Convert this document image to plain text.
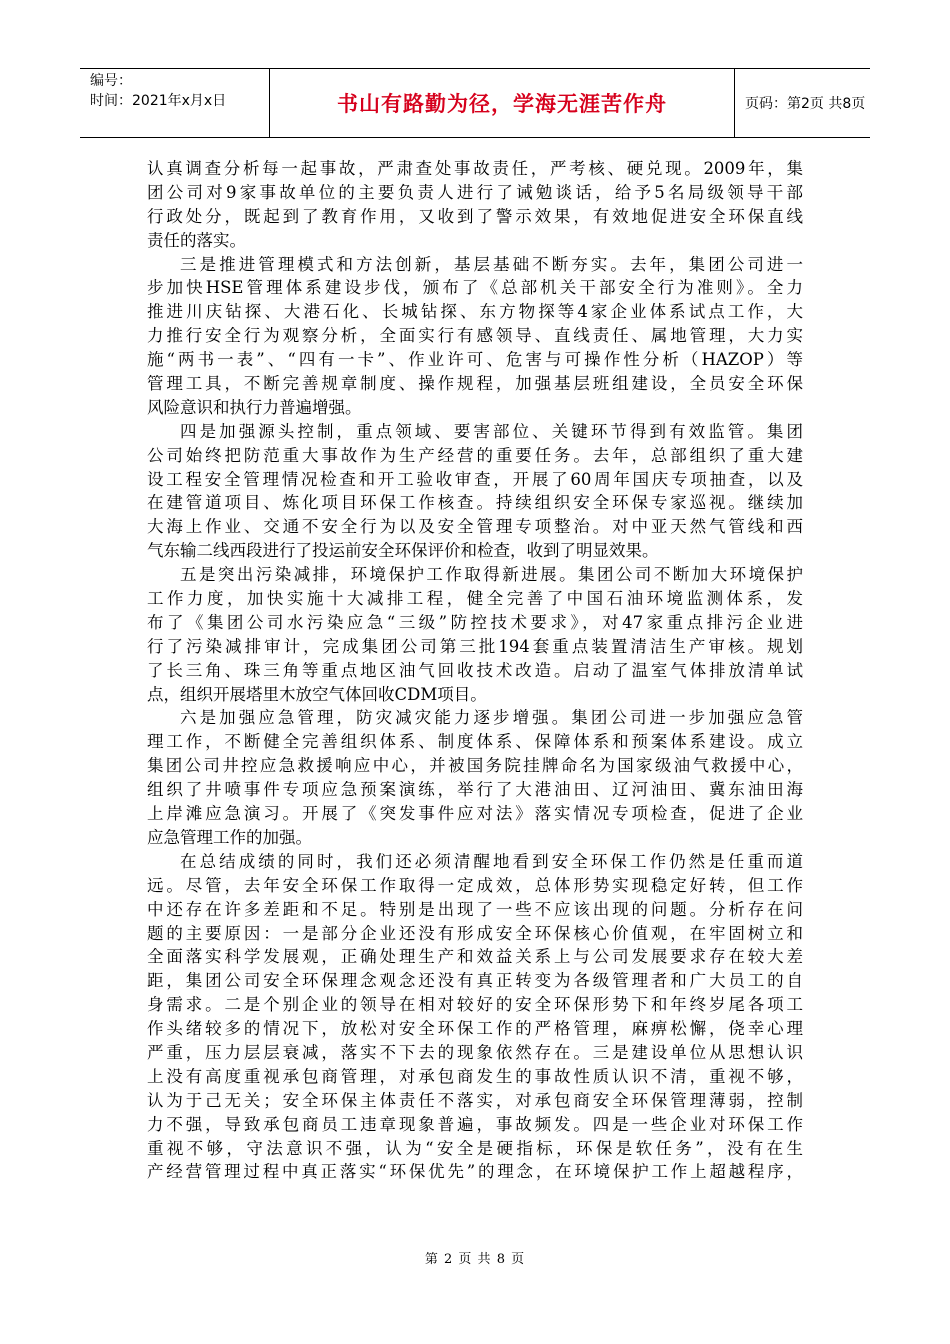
编号：
时间：2021年x月x日	书山有路勤为径，学海无涯苦作舟	页码：第2页 共8页
认真调查分析每一起事故，严肃查处事故责任，严考核、硬兑现。2009年，集
团公司对9家事故单位的主要负责人进行了诫勉谈话，给予5名局级领导干部
行政处分，既起到了教育作用，又收到了警示效果，有效地促进安全环保直线
责任的落实。
三是推进管理模式和方法创新，基层基础不断夯实。去年，集团公司进一
步加快HSE管理体系建设步伐，颁布了《总部机关干部安全行为准则》。全力
推进川庆钻探、大港石化、长城钻探、东方物探等4家企业体系试点工作，大
力推行安全行为观察分析，全面实行有感领导、直线责任、属地管理，大力实
施“两书一表”、“四有一卡”、作业许可、危害与可操作性分析（HAZOP）等
管理工具，不断完善规章制度、操作规程，加强基层班组建设，全员安全环保
风险意识和执行力普遍增强。
四是加强源头控制，重点领域、要害部位、关键环节得到有效监管。集团
公司始终把防范重大事故作为生产经营的重要任务。去年，总部组织了重大建
设工程安全管理情况检查和开工验收审查，开展了60周年国庆专项抽查，以及
在建管道项目、炼化项目环保工作核查。持续组织安全环保专家巡视。继续加
大海上作业、交通不安全行为以及安全管理专项整治。对中亚天然气管线和西
气东输二线西段进行了投运前安全环保评价和检查，收到了明显效果。
五是突出污染减排，环境保护工作取得新进展。集团公司不断加大环境保护
工作力度，加快实施十大减排工程，健全完善了中国石油环境监测体系，发
布了《集团公司水污染应急“三级”防控技术要求》，对47家重点排污企业进
行了污染减排审计，完成集团公司第三批194套重点装置清洁生产审核。规划
了长三角、珠三角等重点地区油气回收技术改造。启动了温室气体排放清单试
点，组织开展塔里木放空气体回收CDM项目。
六是加强应急管理，防灾减灾能力逐步增强。集团公司进一步加强应急管
理工作，不断健全完善组织体系、制度体系、保障体系和预案体系建设。成立
集团公司井控应急救援响应中心，并被国务院挂牌命名为国家级油气救援中心，
组织了井喷事件专项应急预案演练，举行了大港油田、辽河油田、冀东油田海
上岸滩应急演习。开展了《突发事件应对法》落实情况专项检查，促进了企业
应急管理工作的加强。
在总结成绩的同时，我们还必须清醒地看到安全环保工作仍然是任重而道
远。尽管，去年安全环保工作取得一定成效，总体形势实现稳定好转，但工作
中还存在许多差距和不足。特别是出现了一些不应该出现的问题。分析存在问
题的主要原因：一是部分企业还没有形成安全环保核心价值观，在牢固树立和
全面落实科学发展观，正确处理生产和效益关系上与公司发展要求存在较大差
距，集团公司安全环保理念观念还没有真正转变为各级管理者和广大员工的自
身需求。二是个别企业的领导在相对较好的安全环保形势下和年终岁尾各项工
作头绪较多的情况下，放松对安全环保工作的严格管理，麻痹松懈，侥幸心理
严重，压力层层衰减，落实不下去的现象依然存在。三是建设单位从思想认识
上没有高度重视承包商管理，对承包商发生的事故性质认识不清，重视不够，
认为于己无关；安全环保主体责任不落实，对承包商安全环保管理薄弱，控制
力不强，导致承包商员工违章现象普遍，事故频发。四是一些企业对环保工作
重视不够，守法意识不强，认为“安全是硬指标，环保是软任务”，没有在生
产经营管理过程中真正落实“环保优先”的理念，在环境保护工作上超越程序，
第 2 页 共 8 页
